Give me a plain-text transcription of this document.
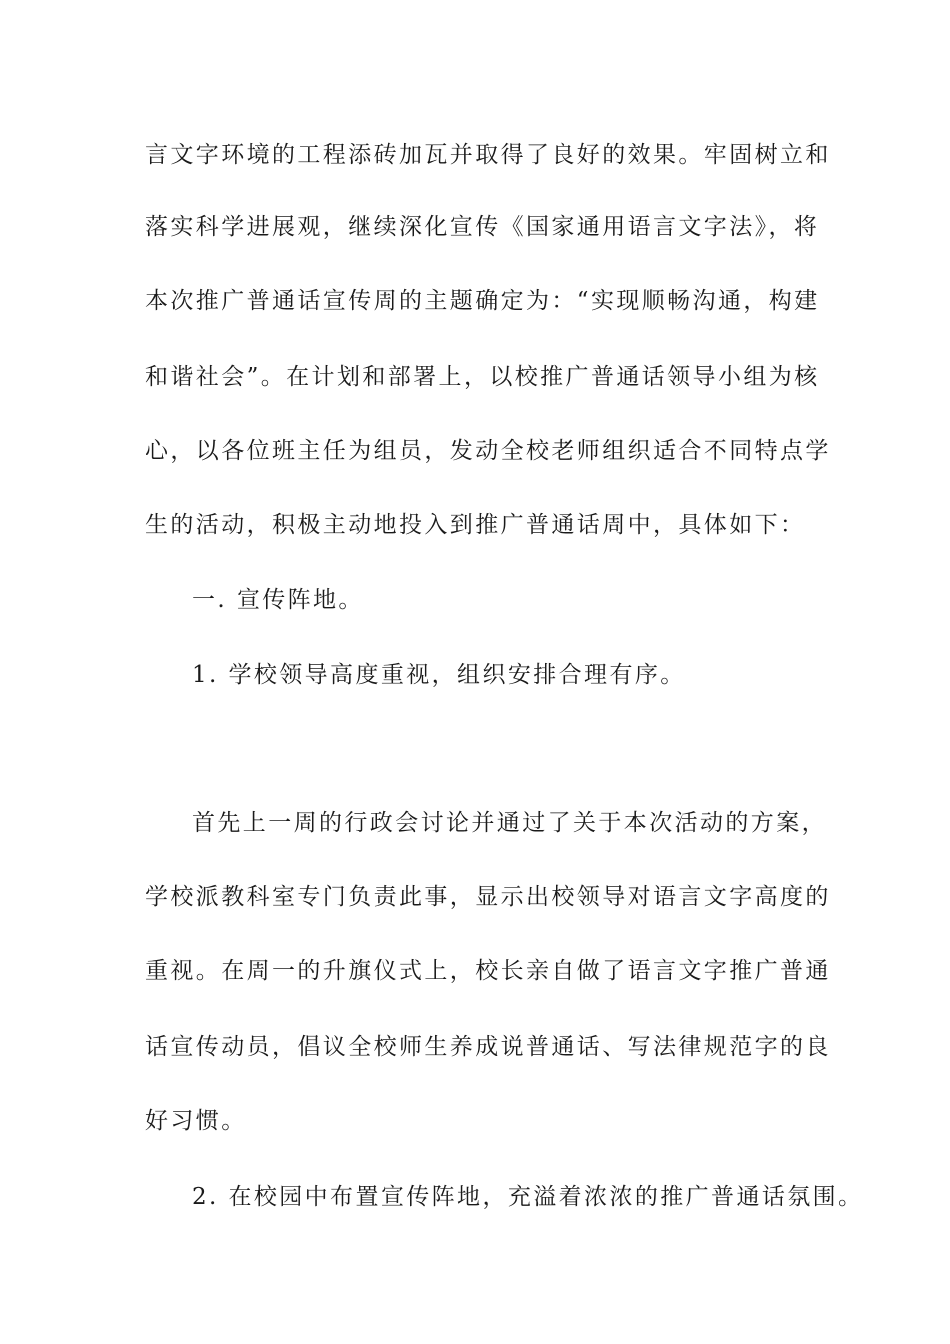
言文字环境的工程添砖加瓦并取得了良好的效果。牢固树立和
落实科学进展观，继续深化宣传《国家通用语言文字法》，将
本次推广普通话宣传周的主题确定为：“实现顺畅沟通，构建
和谐社会”。在计划和部署上，以校推广普通话领导小组为核
心，以各位班主任为组员，发动全校老师组织适合不同特点学
生的活动，积极主动地投入到推广普通话周中，具体如下：
一. 宣传阵地。
1. 学校领导高度重视，组织安排合理有序。
首先上一周的行政会讨论并通过了关于本次活动的方案，
学校派教科室专门负责此事，显示出校领导对语言文字高度的
重视。在周一的升旗仪式上，校长亲自做了语言文字推广普通
话宣传动员，倡议全校师生养成说普通话、写法律规范字的良
好习惯。
2. 在校园中布置宣传阵地，充溢着浓浓的推广普通话氛围。
